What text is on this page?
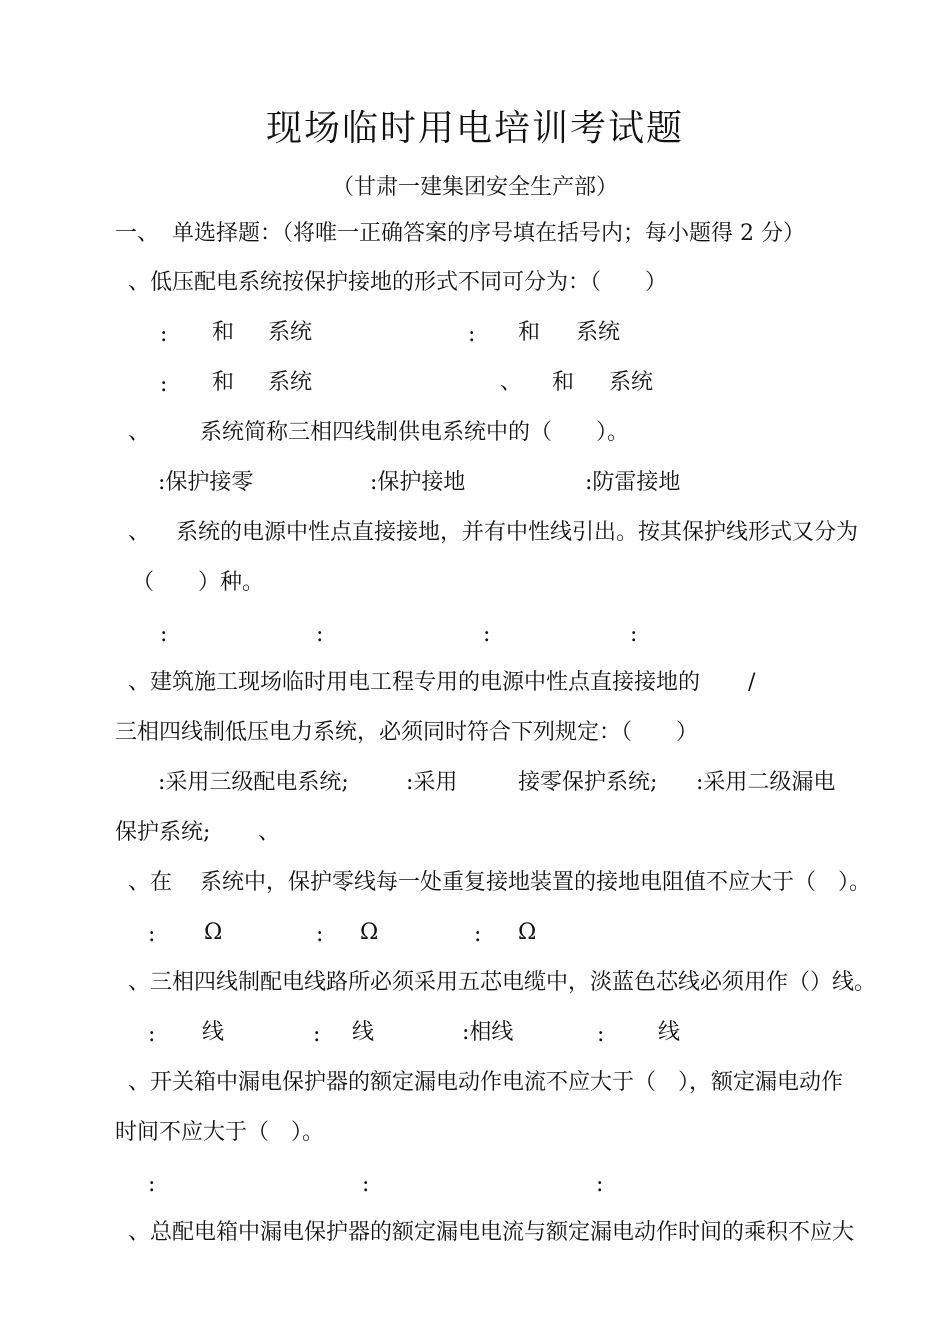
现场临时用电培训考试题
（甘肃一建集团安全生产部）
一、 单选择题：（将唯一正确答案的序号填在括号内；每小题得 2 分）
、低压配电系统按保护接地的形式不同可分为：（　　）
: 和 系统	: 和 系统
: 和 系统	、 和 系统
、 系统简称三相四线制供电系统中的（　　）。
:保护接零	:保护接地	:防雷接地
、 系统的电源中性点直接接地，并有中性线引出。按其保护线形式又分为
（　　）种。
:	:	:	:
、建筑施工现场临时用电工程专用的电源中性点直接接地的 /
三相四线制低压电力系统，必须同时符合下列规定：（　　）
:采用三级配电系统;	:采用	接零保护系统; :采用二级漏电
保护系统; 、
、在 系统中，保护零线每一处重复接地装置的接地电阻值不应大于（　）。
: Ω	: Ω	: Ω
、三相四线制配电线路所必须采用五芯电缆中，淡蓝色芯线必须用作（）线。
: 线	: 线	:相线	: 线
、开关箱中漏电保护器的额定漏电动作电流不应大于（　），额定漏电动作
时间不应大于（　）。
:	:	:
、总配电箱中漏电保护器的额定漏电电流与额定漏电动作时间的乘积不应大
